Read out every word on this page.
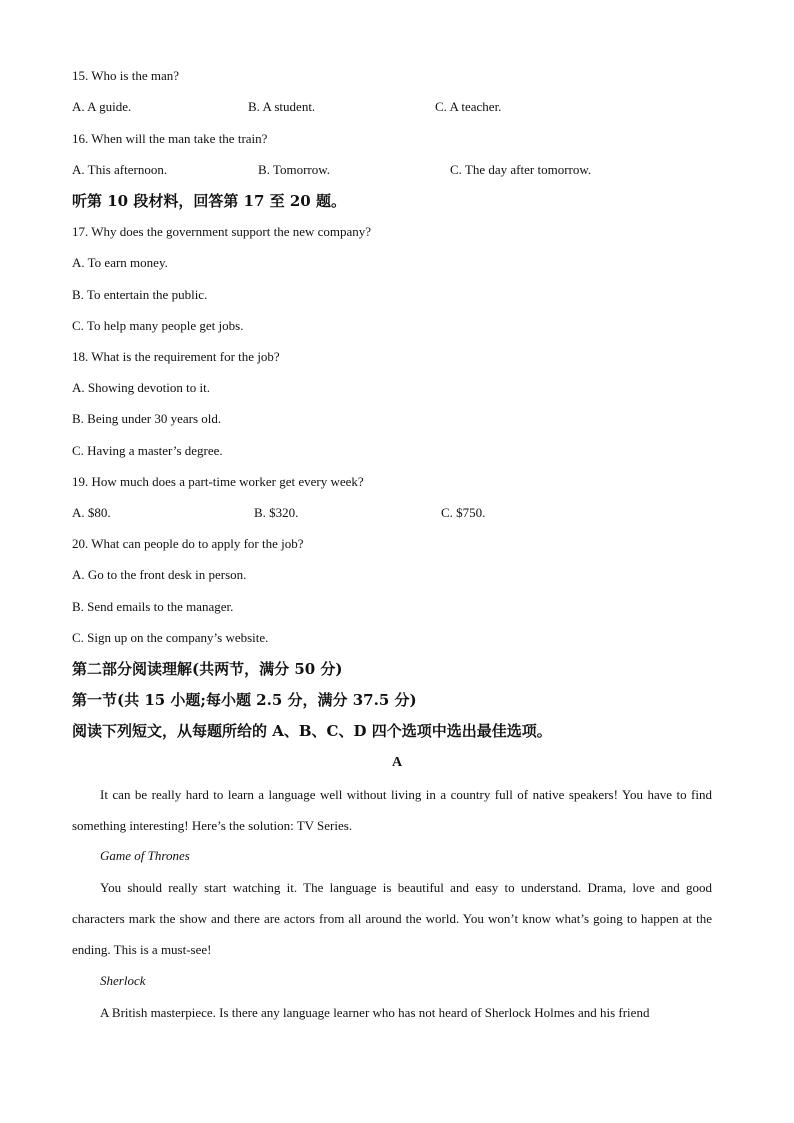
15. Who is the man?
A. A guide.	B. A student.	C. A teacher.
16. When will the man take the train?
A. This afternoon.	B. Tomorrow.	C. The day after tomorrow.
听第 10 段材料，回答第 17 至 20 题。
17. Why does the government support the new company?
A. To earn money.
B. To entertain the public.
C. To help many people get jobs.
18. What is the requirement for the job?
A. Showing devotion to it.
B. Being under 30 years old.
C. Having a master’s degree.
19. How much does a part-time worker get every week?
A. $80.	B. $320.	C. $750.
20. What can people do to apply for the job?
A. Go to the front desk in person.
B. Send emails to the manager.
C. Sign up on the company’s website.
第二部分阅读理解(共两节，满分 50 分)
第一节(共 15 小题;每小题 2.5 分，满分 37.5 分)
阅读下列短文，从每题所给的 A、B、C、D 四个选项中选出最佳选项。
A
It can be really hard to learn a language well without living in a country full of native speakers! You have to find something interesting! Here’s the solution: TV Series.
Game of Thrones
You should really start watching it. The language is beautiful and easy to understand. Drama, love and good characters mark the show and there are actors from all around the world. You won’t know what’s going to happen at the ending. This is a must-see!
Sherlock
A British masterpiece. Is there any language learner who has not heard of Sherlock Holmes and his friend
